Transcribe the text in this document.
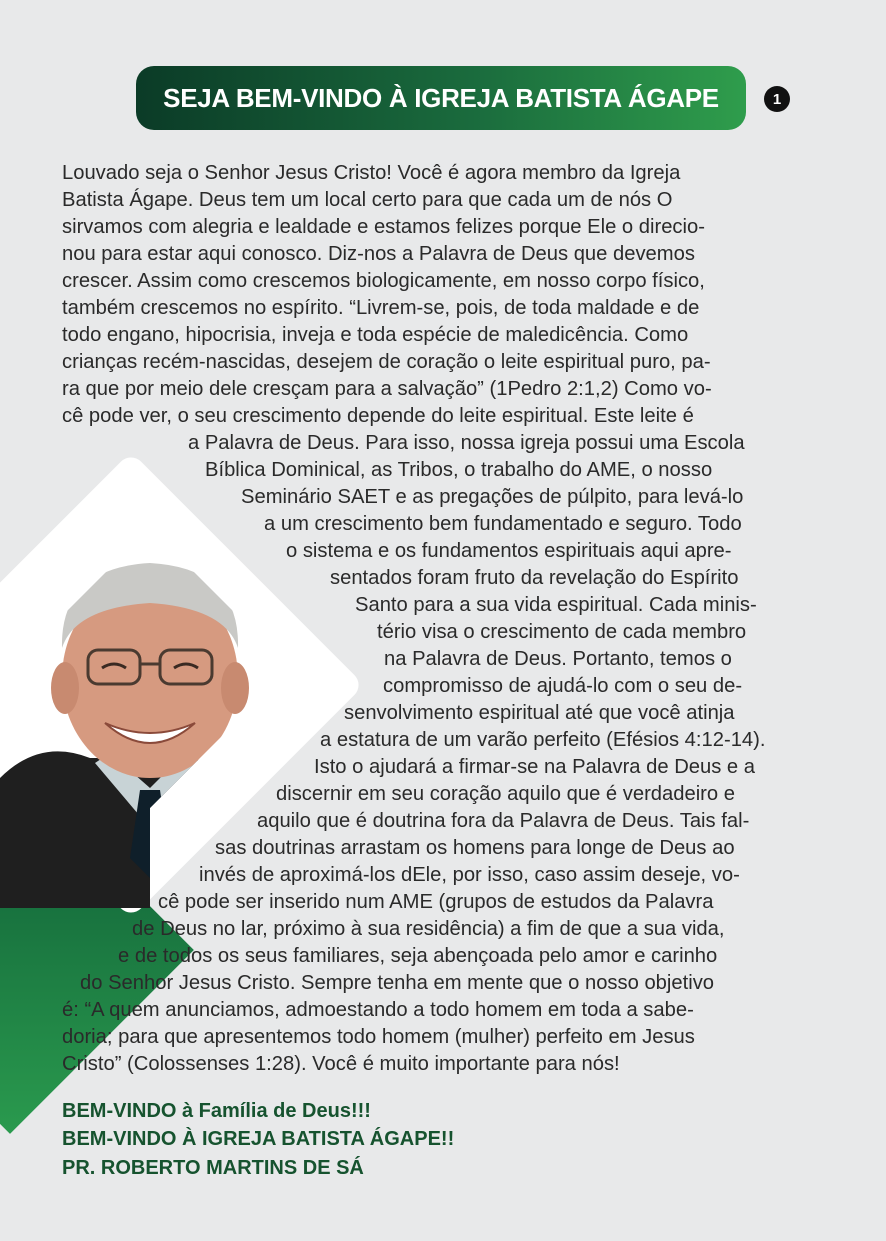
SEJA BEM-VINDO À IGREJA BATISTA ÁGAPE	1
Louvado seja o Senhor Jesus Cristo! Você é agora membro da Igreja
Batista Ágape. Deus tem um local certo para que cada um de nós O
sirvamos com alegria e lealdade e estamos felizes porque Ele o direcio-
nou para estar aqui conosco. Diz-nos a Palavra de Deus que devemos
crescer. Assim como crescemos biologicamente, em nosso corpo físico,
também crescemos no espírito. “Livrem-se, pois, de toda maldade e de
todo engano, hipocrisia, inveja e toda espécie de maledicência. Como
crianças recém-nascidas, desejem de coração o leite espiritual puro, pa-
ra que por meio dele cresçam para a salvação” (1Pedro 2:1,2) Como vo-
cê pode ver, o seu crescimento depende do leite espiritual. Este leite é
a Palavra de Deus. Para isso, nossa igreja possui uma Escola
Bíblica Dominical, as Tribos, o trabalho do AME, o nosso
Seminário SAET e as pregações de púlpito, para levá-lo
a um crescimento bem fundamentado e seguro. Todo
o sistema e os fundamentos espirituais aqui apre-
sentados foram fruto da revelação do Espírito
Santo para a sua vida espiritual. Cada minis-
tério visa o crescimento de cada membro
na Palavra de Deus. Portanto, temos o
compromisso de ajudá-lo com o seu de-
senvolvimento espiritual até que você atinja
a estatura de um varão perfeito (Efésios 4:12-14).
Isto o ajudará a firmar-se na Palavra de Deus e a
discernir em seu coração aquilo que é verdadeiro e
aquilo que é doutrina fora da Palavra de Deus. Tais fal-
sas doutrinas arrastam os homens para longe de Deus ao
invés de aproximá-los dEle, por isso, caso assim deseje, vo-
cê pode ser inserido num AME (grupos de estudos da Palavra
de Deus no lar, próximo à sua residência) a fim de que a sua vida,
e de todos os seus familiares, seja abençoada pelo amor e carinho
do Senhor Jesus Cristo. Sempre tenha em mente que o nosso objetivo
é: “A quem anunciamos, admoestando a todo homem em toda a sabe-
doria; para que apresentemos todo homem (mulher) perfeito em Jesus
Cristo” (Colossenses 1:28). Você é muito importante para nós!
BEM-VINDO à Família de Deus!!!
BEM-VINDO À IGREJA BATISTA ÁGAPE!!
PR. ROBERTO MARTINS DE SÁ
